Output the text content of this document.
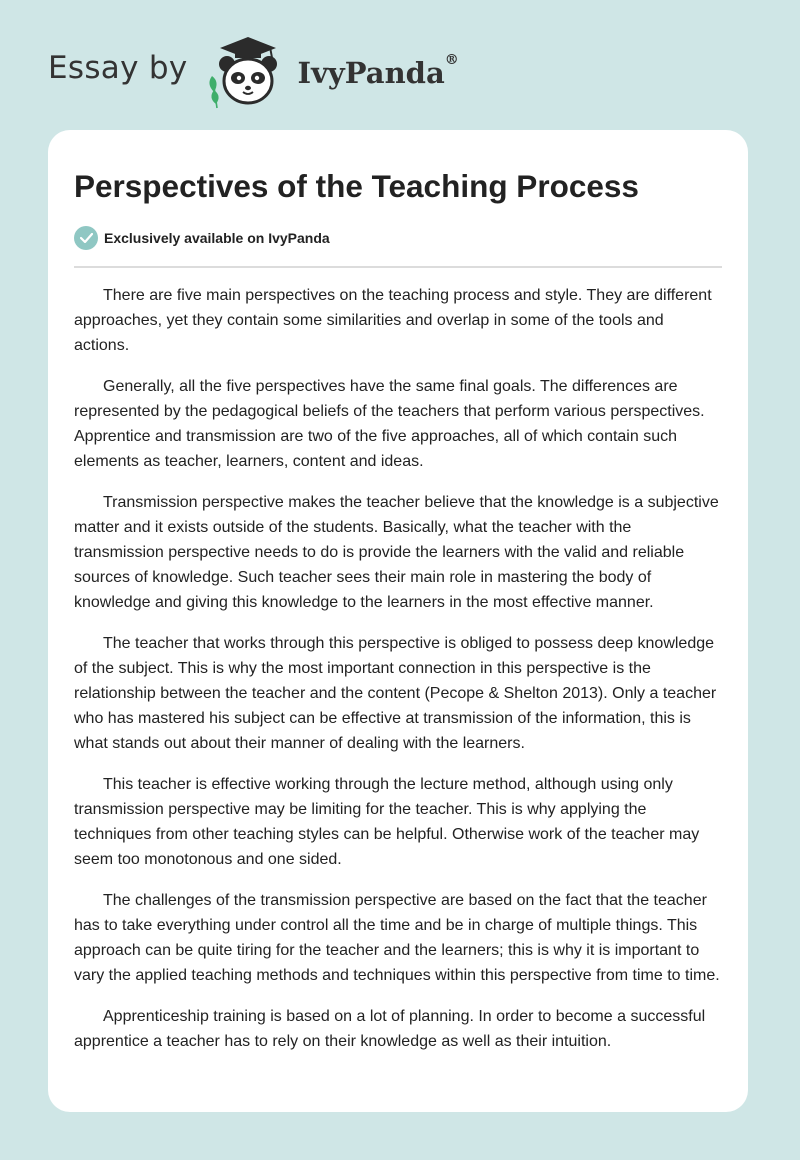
Essay by	IvyPanda®
Perspectives of the Teaching Process
Exclusively available on IvyPanda

There are five main perspectives on the teaching process and style. They are different approaches, yet they contain some similarities and overlap in some of the tools and actions.

Generally, all the five perspectives have the same final goals. The differences are represented by the pedagogical beliefs of the teachers that perform various perspectives. Apprentice and transmission are two of the five approaches, all of which contain such elements as teacher, learners, content and ideas.

Transmission perspective makes the teacher believe that the knowledge is a subjective matter and it exists outside of the students. Basically, what the teacher with the transmission perspective needs to do is provide the learners with the valid and reliable sources of knowledge. Such teacher sees their main role in mastering the body of knowledge and giving this knowledge to the learners in the most effective manner.

The teacher that works through this perspective is obliged to possess deep knowledge of the subject. This is why the most important connection in this perspective is the relationship between the teacher and the content (Pecope & Shelton 2013). Only a teacher who has mastered his subject can be effective at transmission of the information, this is what stands out about their manner of dealing with the learners.

This teacher is effective working through the lecture method, although using only transmission perspective may be limiting for the teacher. This is why applying the techniques from other teaching styles can be helpful. Otherwise work of the teacher may seem too monotonous and one sided.

The challenges of the transmission perspective are based on the fact that the teacher has to take everything under control all the time and be in charge of multiple things. This approach can be quite tiring for the teacher and the learners; this is why it is important to vary the applied teaching methods and techniques within this perspective from time to time.

Apprenticeship training is based on a lot of planning. In order to become a successful apprentice a teacher has to rely on their knowledge as well as their intuition.
